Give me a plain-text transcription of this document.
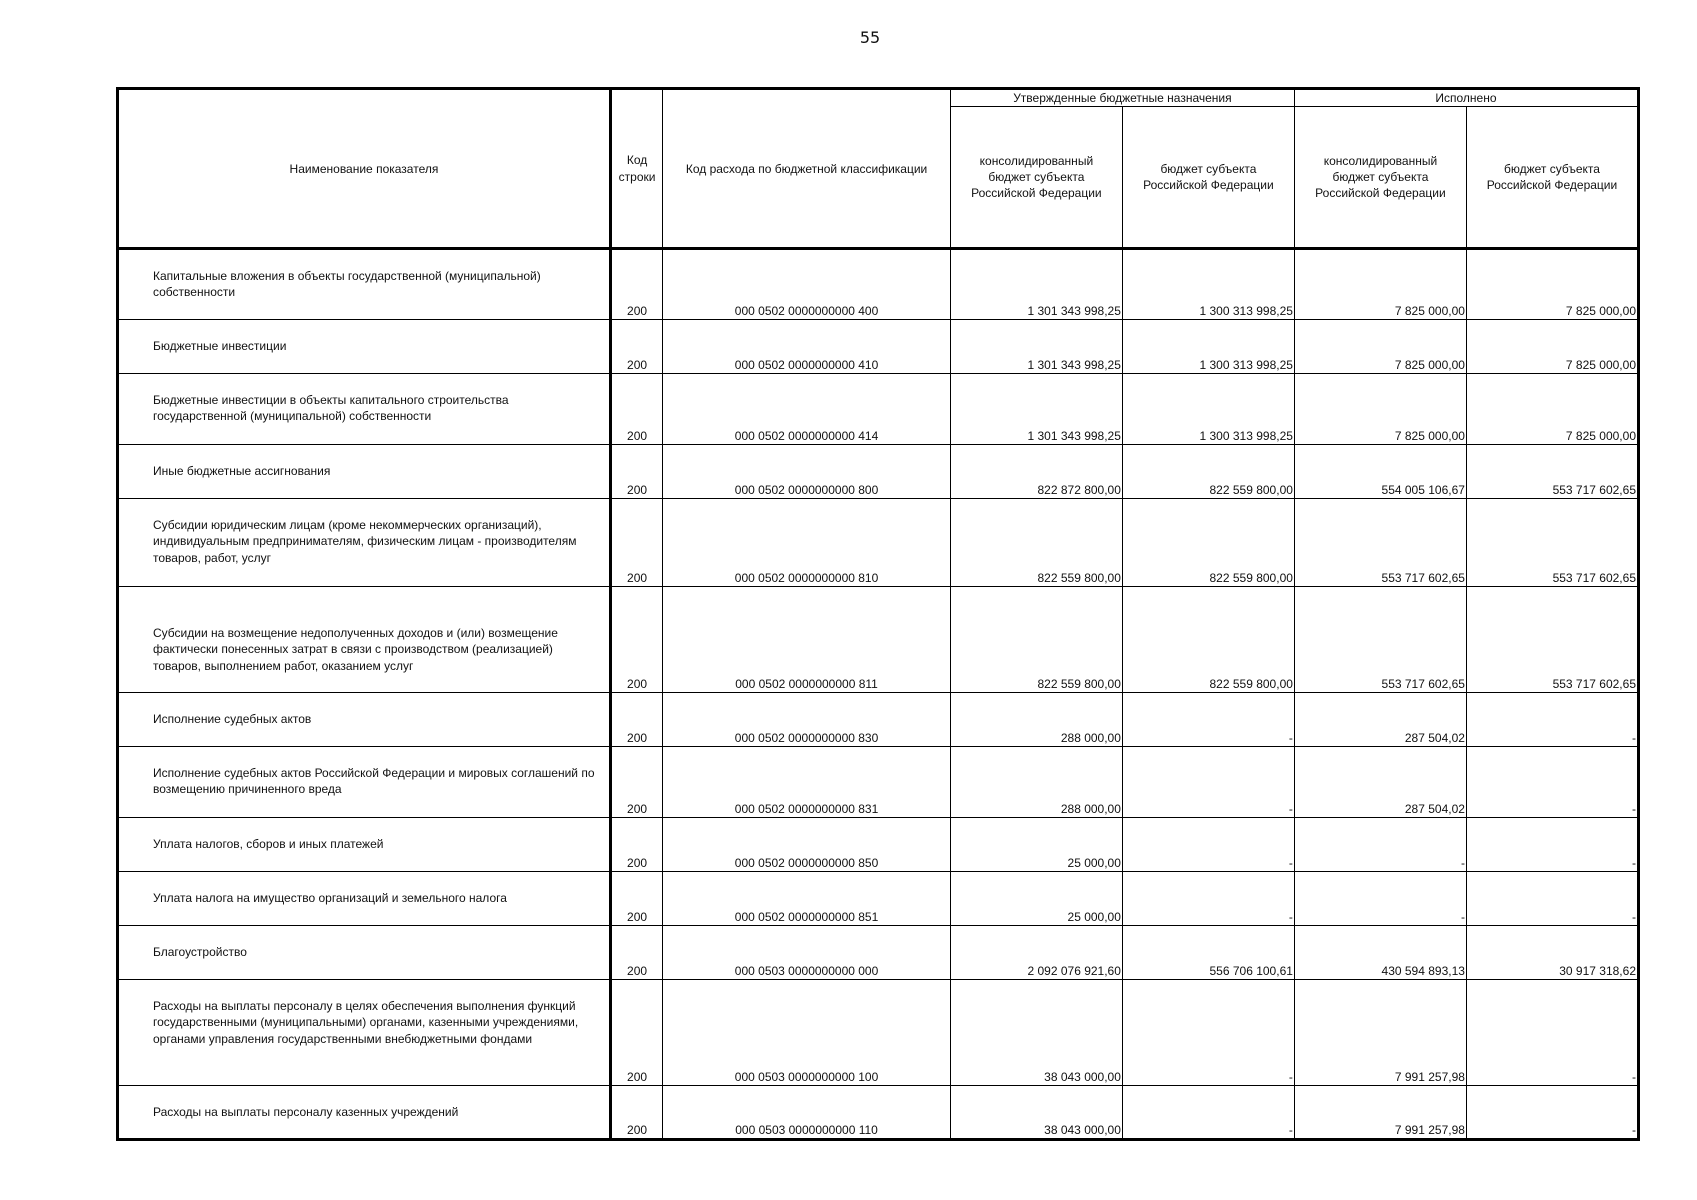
55
Наименование показателя	Код строки	Код расхода по бюджетной классификации	Утвержденные бюджетные назначения		Исполнено	
			консолидированный бюджет субъекта Российской Федерации	бюджет субъекта Российской Федерации	консолидированный бюджет субъекта Российской Федерации	бюджет субъекта Российской Федерации
Капитальные вложения в объекты государственной (муниципальной) собственности	200	000 0502 0000000000 400	1 301 343 998,25	1 300 313 998,25	7 825 000,00	7 825 000,00
Бюджетные инвестиции	200	000 0502 0000000000 410	1 301 343 998,25	1 300 313 998,25	7 825 000,00	7 825 000,00
Бюджетные инвестиции в объекты капитального строительства государственной (муниципальной) собственности	200	000 0502 0000000000 414	1 301 343 998,25	1 300 313 998,25	7 825 000,00	7 825 000,00
Иные бюджетные ассигнования	200	000 0502 0000000000 800	822 872 800,00	822 559 800,00	554 005 106,67	553 717 602,65
Субсидии юридическим лицам (кроме некоммерческих организаций), индивидуальным предпринимателям, физическим лицам - производителям товаров, работ, услуг	200	000 0502 0000000000 810	822 559 800,00	822 559 800,00	553 717 602,65	553 717 602,65
Субсидии на возмещение недополученных доходов и (или) возмещение фактически понесенных затрат в связи с производством (реализацией) товаров, выполнением работ, оказанием услуг	200	000 0502 0000000000 811	822 559 800,00	822 559 800,00	553 717 602,65	553 717 602,65
Исполнение судебных актов	200	000 0502 0000000000 830	288 000,00	-	287 504,02	-
Исполнение судебных актов Российской Федерации и мировых соглашений по возмещению причиненного вреда	200	000 0502 0000000000 831	288 000,00	-	287 504,02	-
Уплата налогов, сборов и иных платежей	200	000 0502 0000000000 850	25 000,00	-	-	-
Уплата налога на имущество организаций и земельного налога	200	000 0502 0000000000 851	25 000,00	-	-	-
Благоустройство	200	000 0503 0000000000 000	2 092 076 921,60	556 706 100,61	430 594 893,13	30 917 318,62
Расходы на выплаты персоналу в целях обеспечения выполнения функций государственными (муниципальными) органами, казенными учреждениями, органами управления государственными внебюджетными фондами	200	000 0503 0000000000 100	38 043 000,00	-	7 991 257,98	-
Расходы на выплаты персоналу казенных учреждений	200	000 0503 0000000000 110	38 043 000,00	-	7 991 257,98	-
